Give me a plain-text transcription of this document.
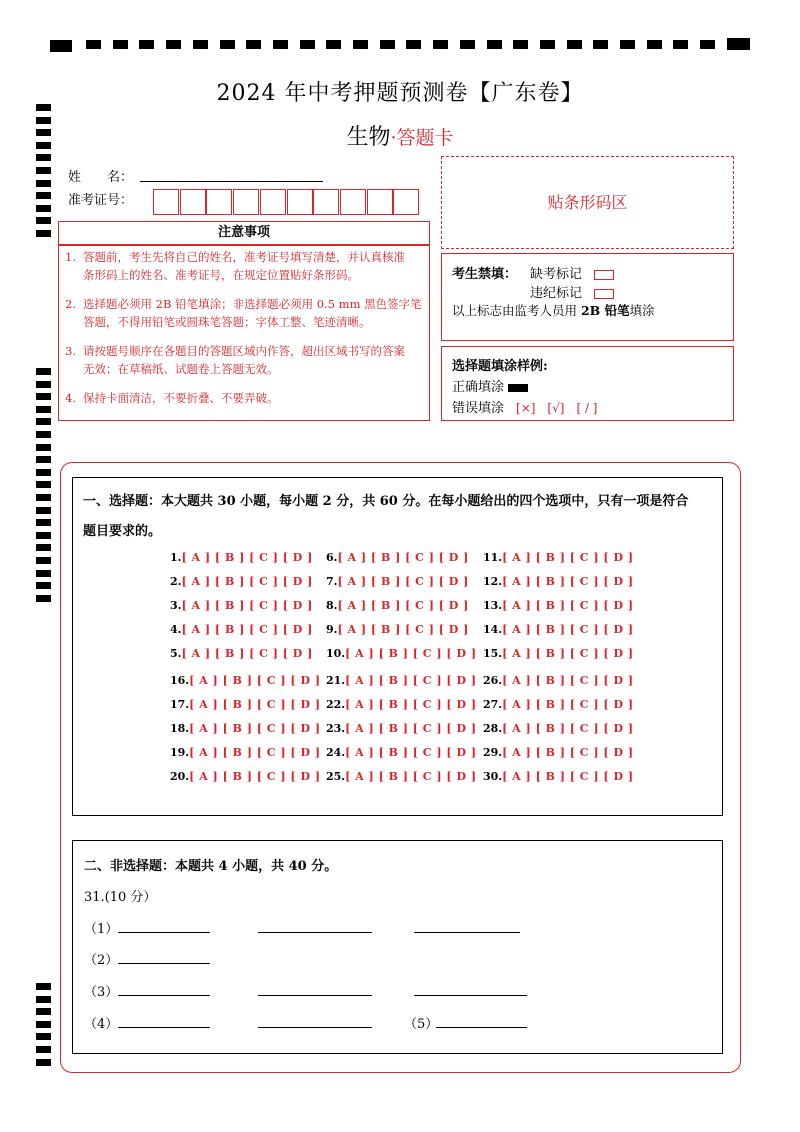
2024 年中考押题预测卷【广东卷】
生物·答题卡
姓　　名：
准考证号：	贴条形码区
注意事项
1. 答题前，考生先将自己的姓名，准考证号填写清楚，并认真核准
条形码上的姓名、准考证号，在规定位置贴好条形码。
2. 选择题必须用 2B 铅笔填涂；非选择题必须用 0.5 mm 黑色签字笔
答题，不得用铅笔或圆珠笔答题；字体工整、笔迹清晰。
3. 请按题号顺序在各题目的答题区域内作答，超出区域书写的答案
无效；在草稿纸、试题卷上答题无效。
4. 保持卡面清洁，不要折叠、不要弄破。
考生禁填： 缺考标记
违纪标记
以上标志由监考人员用 2B 铅笔填涂
选择题填涂样例:
正确填涂
错误填涂 [×]　[√]　[ / ]
一、选择题：本大题共 30 小题，每小题 2 分，共 60 分。在每小题给出的四个选项中，只有一项是符合
题目要求的。
1.[ A ] [ B ] [ C ] [ D ]
2.[ A ] [ B ] [ C ] [ D ]
3.[ A ] [ B ] [ C ] [ D ]
4.[ A ] [ B ] [ C ] [ D ]
5.[ A ] [ B ] [ C ] [ D ]
6.[ A ] [ B ] [ C ] [ D ]
7.[ A ] [ B ] [ C ] [ D ]
8.[ A ] [ B ] [ C ] [ D ]
9.[ A ] [ B ] [ C ] [ D ]
10.[ A ] [ B ] [ C ] [ D ]
11.[ A ] [ B ] [ C ] [ D ]
12.[ A ] [ B ] [ C ] [ D ]
13.[ A ] [ B ] [ C ] [ D ]
14.[ A ] [ B ] [ C ] [ D ]
15.[ A ] [ B ] [ C ] [ D ]
16.[ A ] [ B ] [ C ] [ D ]
17.[ A ] [ B ] [ C ] [ D ]
18.[ A ] [ B ] [ C ] [ D ]
19.[ A ] [ B ] [ C ] [ D ]
20.[ A ] [ B ] [ C ] [ D ]
21.[ A ] [ B ] [ C ] [ D ]
22.[ A ] [ B ] [ C ] [ D ]
23.[ A ] [ B ] [ C ] [ D ]
24.[ A ] [ B ] [ C ] [ D ]
25.[ A ] [ B ] [ C ] [ D ]
26.[ A ] [ B ] [ C ] [ D ]
27.[ A ] [ B ] [ C ] [ D ]
28.[ A ] [ B ] [ C ] [ D ]
29.[ A ] [ B ] [ C ] [ D ]
30.[ A ] [ B ] [ C ] [ D ]
二、非选择题：本题共 4 小题，共 40 分。
31.(10 分）
（1）
（2）
（3）
（4）	（5）
